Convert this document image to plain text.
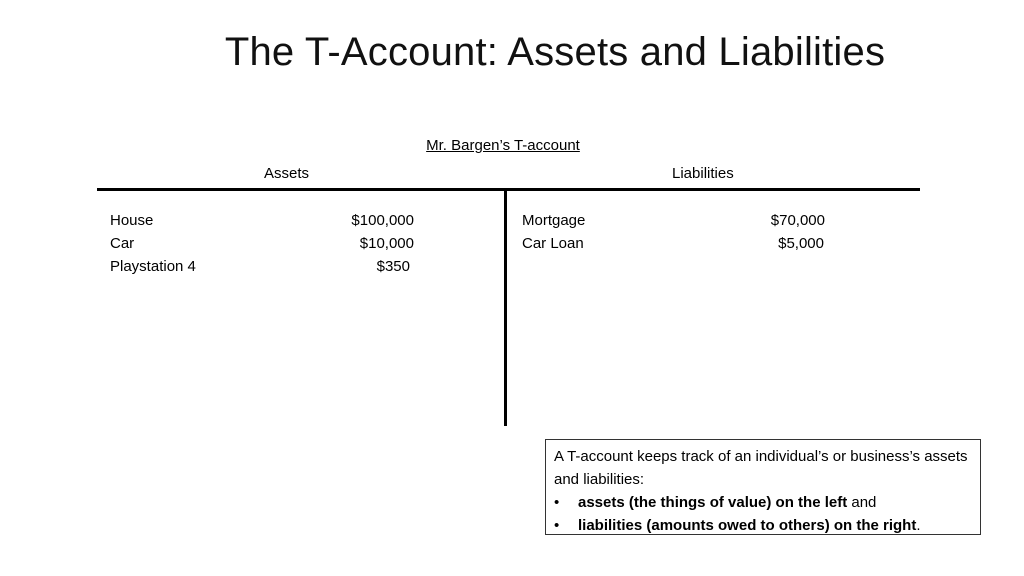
The T-Account: Assets and Liabilities
Mr. Bargen’s T-account
Assets	Liabilities
House	$100,000
Car	$10,000
Playstation 4	$350
Mortgage	$70,000
Car Loan	$5,000
A T-account keeps track of an individual’s or business’s assets and liabilities:
•	assets (the things of value) on the left and
•	liabilities (amounts owed to others) on the right.
